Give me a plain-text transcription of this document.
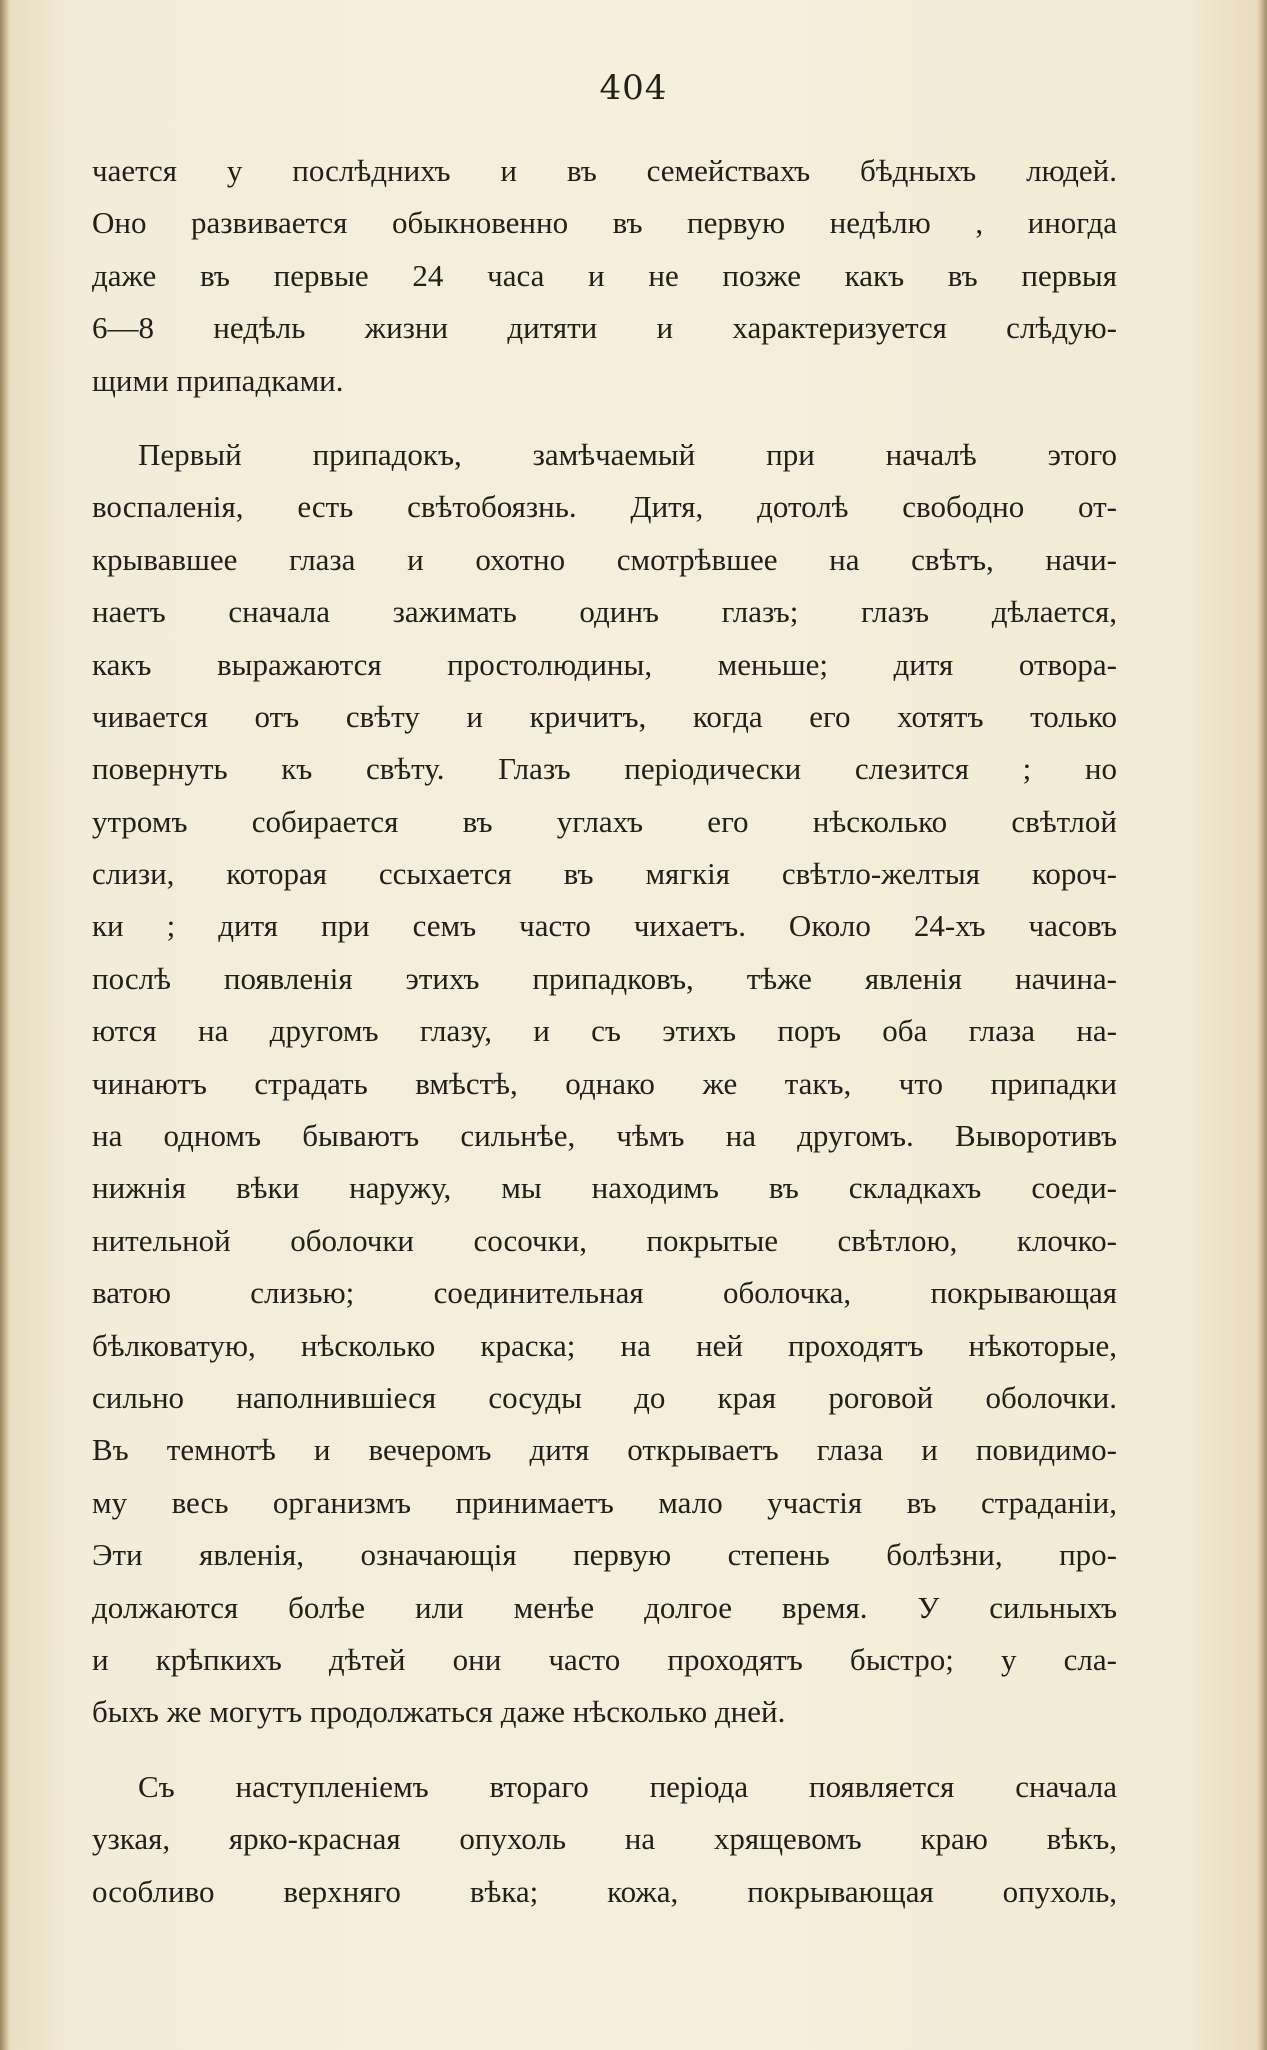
404
чается у послѣднихъ и въ семействахъ бѣдныхъ людей.
Оно развивается обыкновенно въ первую недѣлю , иногда
даже въ первые 24 часа и не позже какъ въ первыя
6—8 недѣль жизни дитяти и характеризуется слѣдую-
щими припадками.
Первый припадокъ, замѣчаемый при началѣ этого
воспаленія, есть свѣтобоязнь. Дитя, дотолѣ свободно от-
крывавшее глаза и охотно смотрѣвшее на свѣтъ, начи-
наетъ сначала зажимать одинъ глазъ; глазъ дѣлается,
какъ выражаются простолюдины, меньше; дитя отвора-
чивается отъ свѣту и кричитъ, когда его хотятъ только
повернуть къ свѣту. Глазъ періодически слезится ; но
утромъ собирается въ углахъ его нѣсколько свѣтлой
слизи, которая ссыхается въ мягкія свѣтло-желтыя короч-
ки ; дитя при семъ часто чихаетъ. Около 24-хъ часовъ
послѣ появленія этихъ припадковъ, тѣже явленія начина-
ются на другомъ глазу, и съ этихъ поръ оба глаза на-
чинаютъ страдать вмѣстѣ, однако же такъ, что припадки
на одномъ бываютъ сильнѣе, чѣмъ на другомъ. Выворотивъ
нижнія вѣки наружу, мы находимъ въ складкахъ соеди-
нительной оболочки сосочки, покрытые свѣтлою, клочко-
ватою слизью; соединительная оболочка, покрывающая
бѣлковатую, нѣсколько краска; на ней проходятъ нѣкоторые,
сильно наполнившіеся сосуды до края роговой оболочки.
Въ темнотѣ и вечеромъ дитя открываетъ глаза и повидимо-
му весь организмъ принимаетъ мало участія въ страданіи,
Эти явленія, означающія первую степень болѣзни, про-
должаются болѣе или менѣе долгое время. У сильныхъ
и крѣпкихъ дѣтей они часто проходятъ быстро; у сла-
быхъ же могутъ продолжаться даже нѣсколько дней.
Съ наступленіемъ втораго періода появляется сначала
узкая, ярко-красная опухоль на хрящевомъ краю вѣкъ,
особливо верхняго вѣка; кожа, покрывающая опухоль,
